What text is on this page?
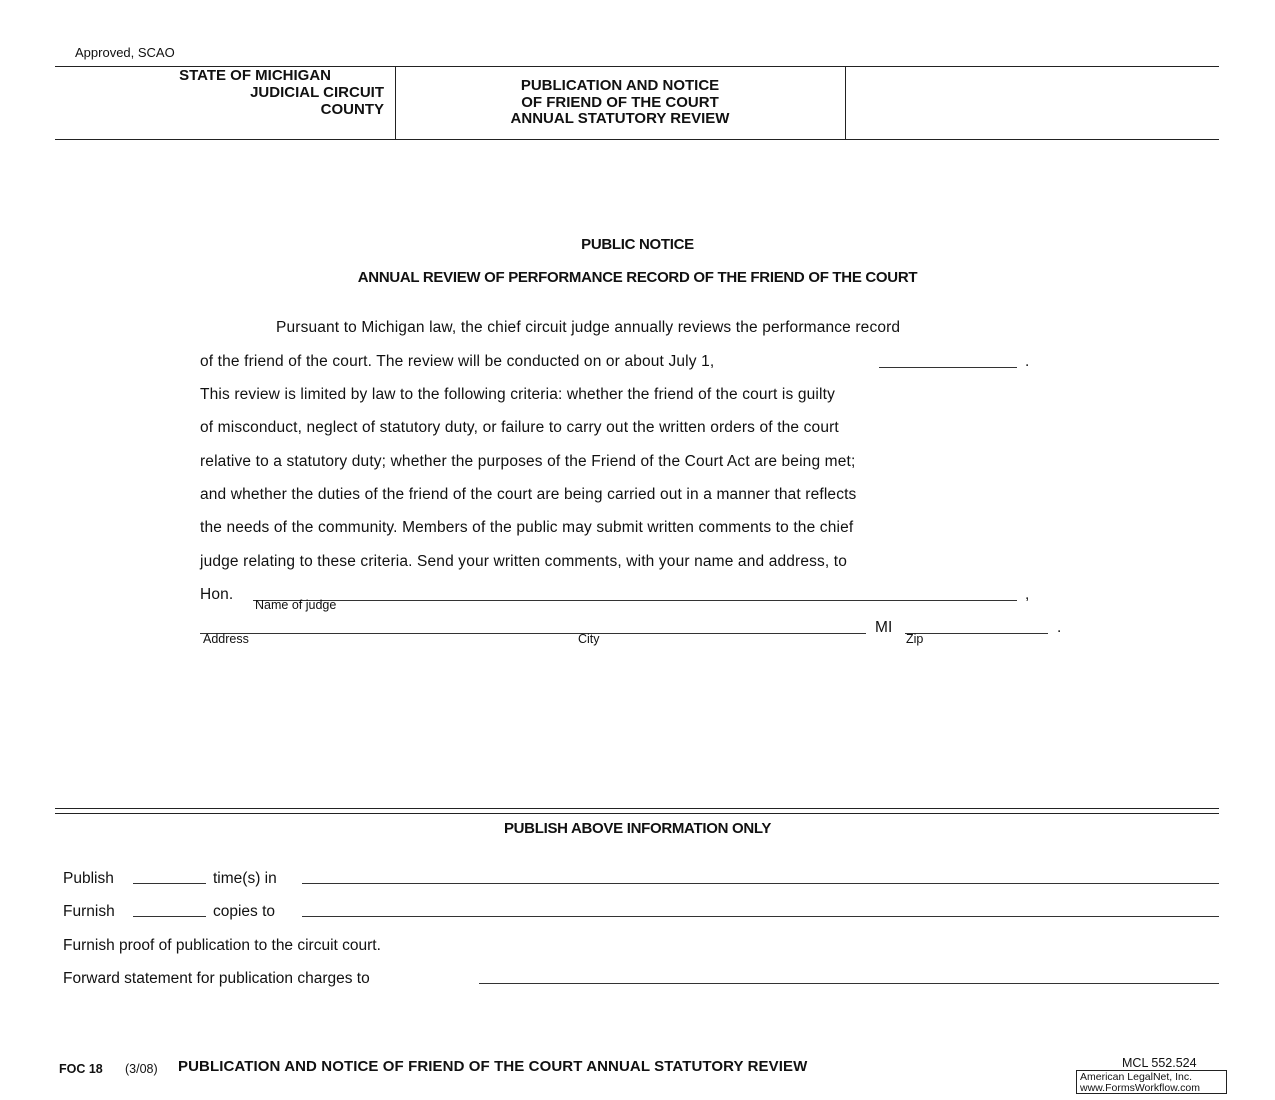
Approved, SCAO
STATE OF MICHIGAN
JUDICIAL CIRCUIT
COUNTY
PUBLICATION AND NOTICE
OF FRIEND OF THE COURT
ANNUAL STATUTORY REVIEW
PUBLIC NOTICE
ANNUAL REVIEW OF PERFORMANCE RECORD OF THE FRIEND OF THE COURT
Pursuant to Michigan law, the chief circuit judge annually reviews the performance record
of the friend of the court. The review will be conducted on or about July 1,	.
This review is limited by law to the following criteria: whether the friend of the court is guilty
of misconduct, neglect of statutory duty, or failure to carry out the written orders of the court
relative to a statutory duty; whether the purposes of the Friend of the Court Act are being met;
and whether the duties of the friend of the court are being carried out in a manner that reflects
the needs of the community. Members of the public may submit written comments to the chief
judge relating to these criteria. Send your written comments, with your name and address, to
Hon.	,
Name of judge
MI	.
Address	City	Zip
PUBLISH ABOVE INFORMATION ONLY
Publish	time(s) in
Furnish	copies to
Furnish proof of publication to the circuit court.
Forward statement for publication charges to
FOC 18 (3/08) PUBLICATION AND NOTICE OF FRIEND OF THE COURT ANNUAL STATUTORY REVIEW	MCL 552.524
American LegalNet, Inc.
www.FormsWorkflow.com
